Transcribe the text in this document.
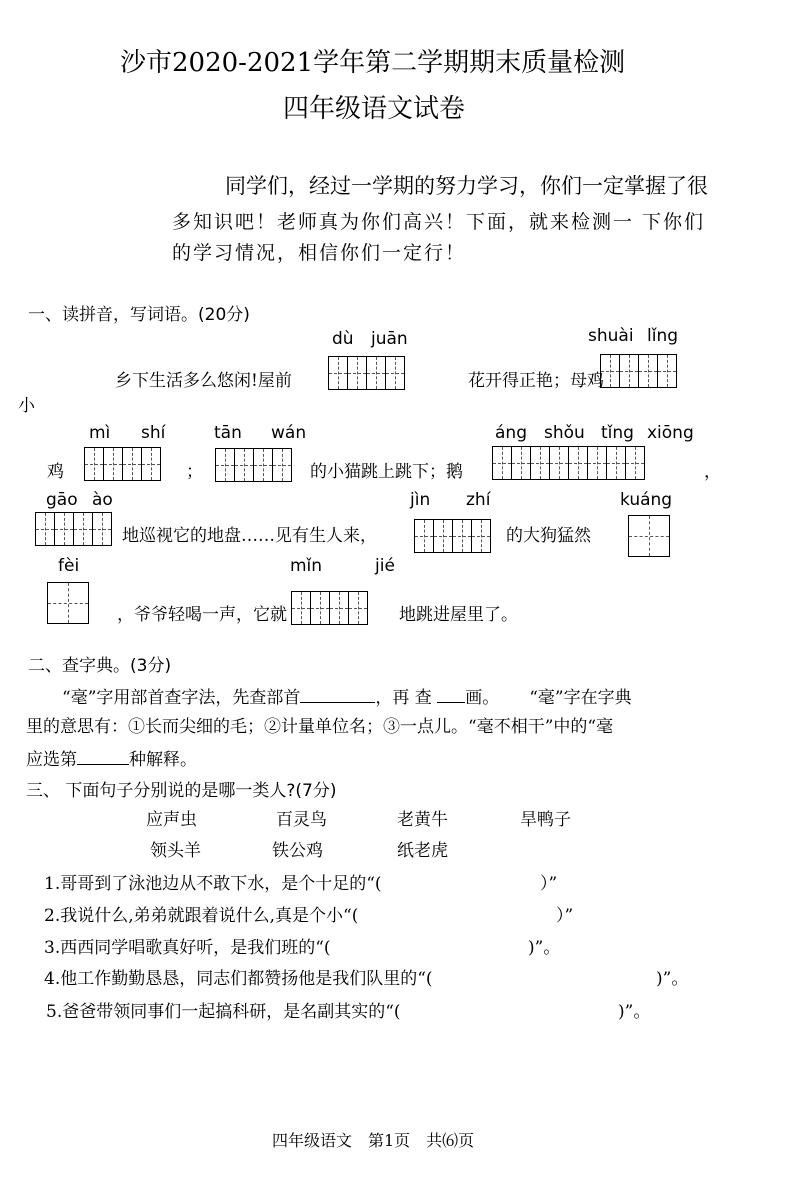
沙市2020-2021学年第二学期期末质量检测
四年级语文试卷
同学们，经过一学期的努力学习，你们一定掌握了很
多知识吧！老师真为你们高兴！下面，就来检测一 下你们
的学习情况，相信你们一定行！
一、读拼音，写词语。(20分)
dù juān	shuài lǐng
乡下生活多么悠闲!屋前	花开得正艳；母鸡
小
mì shí	tān wán	áng shǒu tǐng xiōng
鸡	；	的小猫跳上跳下；鹅	，
gāo ào	jìn zhí	kuáng
地巡视它的地盘……见有生人来，	的大狗猛然
fèi	mǐn	jié
，爷爷轻喝一声，它就	地跳进屋里了。
二、查字典。(3分)
“毫”字用部首查字法，先查部首	，再 查 画。 “毫”字在字典
里的意思有：①长而尖细的毛；②计量单位名；③一点儿。“毫不相干”中的“毫
应选第	种解释。
三、 下面句子分别说的是哪一类人?(7分)
应声虫	百灵鸟	老黄牛	旱鸭子
领头羊	铁公鸡	纸老虎
1.哥哥到了泳池边从不敢下水，是个十足的“(	）”
2.我说什么,弟弟就跟着说什么,真是个小“(	）”
3.西西同学唱歌真好听，是我们班的“(	)”。
4.他工作勤勤恳恳，同志们都赞扬他是我们队里的“(	)”。
5.爸爸带领同事们一起搞科研，是名副其实的“(	)”。
四年级语文　第1页　共⑹页
